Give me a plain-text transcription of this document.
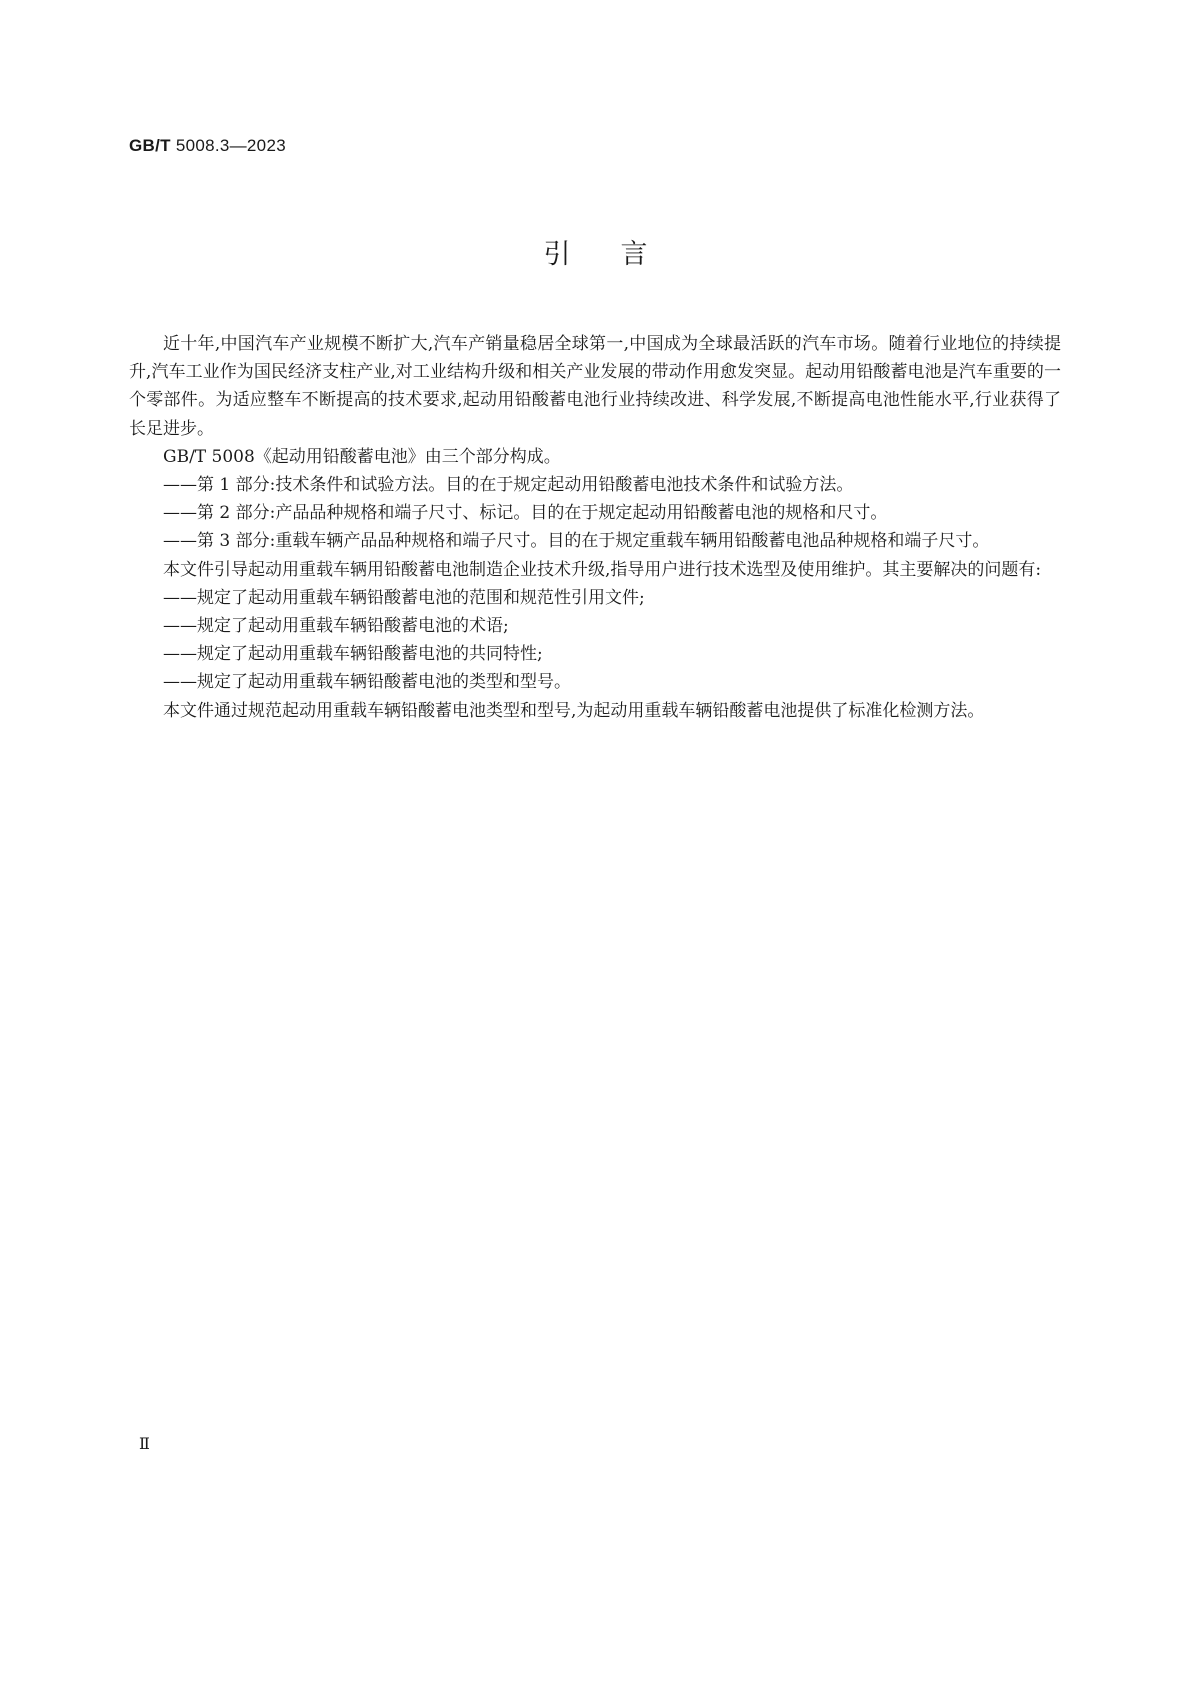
GB/T 5008.3—2023
引言

近十年,中国汽车产业规模不断扩大,汽车产销量稳居全球第一,中国成为全球最活跃的汽车市场。随着行业地位的持续提升,汽车工业作为国民经济支柱产业,对工业结构升级和相关产业发展的带动作用愈发突显。起动用铅酸蓄电池是汽车重要的一个零部件。为适应整车不断提高的技术要求,起动用铅酸蓄电池行业持续改进、科学发展,不断提高电池性能水平,行业获得了长足进步。

GB/T 5008《起动用铅酸蓄电池》由三个部分构成。

——第 1 部分:技术条件和试验方法。目的在于规定起动用铅酸蓄电池技术条件和试验方法。

——第 2 部分:产品品种规格和端子尺寸、标记。目的在于规定起动用铅酸蓄电池的规格和尺寸。

——第 3 部分:重载车辆产品品种规格和端子尺寸。目的在于规定重载车辆用铅酸蓄电池品种规格和端子尺寸。

本文件引导起动用重载车辆用铅酸蓄电池制造企业技术升级,指导用户进行技术选型及使用维护。其主要解决的问题有:

——规定了起动用重载车辆铅酸蓄电池的范围和规范性引用文件;

——规定了起动用重载车辆铅酸蓄电池的术语;

——规定了起动用重载车辆铅酸蓄电池的共同特性;

——规定了起动用重载车辆铅酸蓄电池的类型和型号。

本文件通过规范起动用重载车辆铅酸蓄电池类型和型号,为起动用重载车辆铅酸蓄电池提供了标准化检测方法。

Ⅱ
